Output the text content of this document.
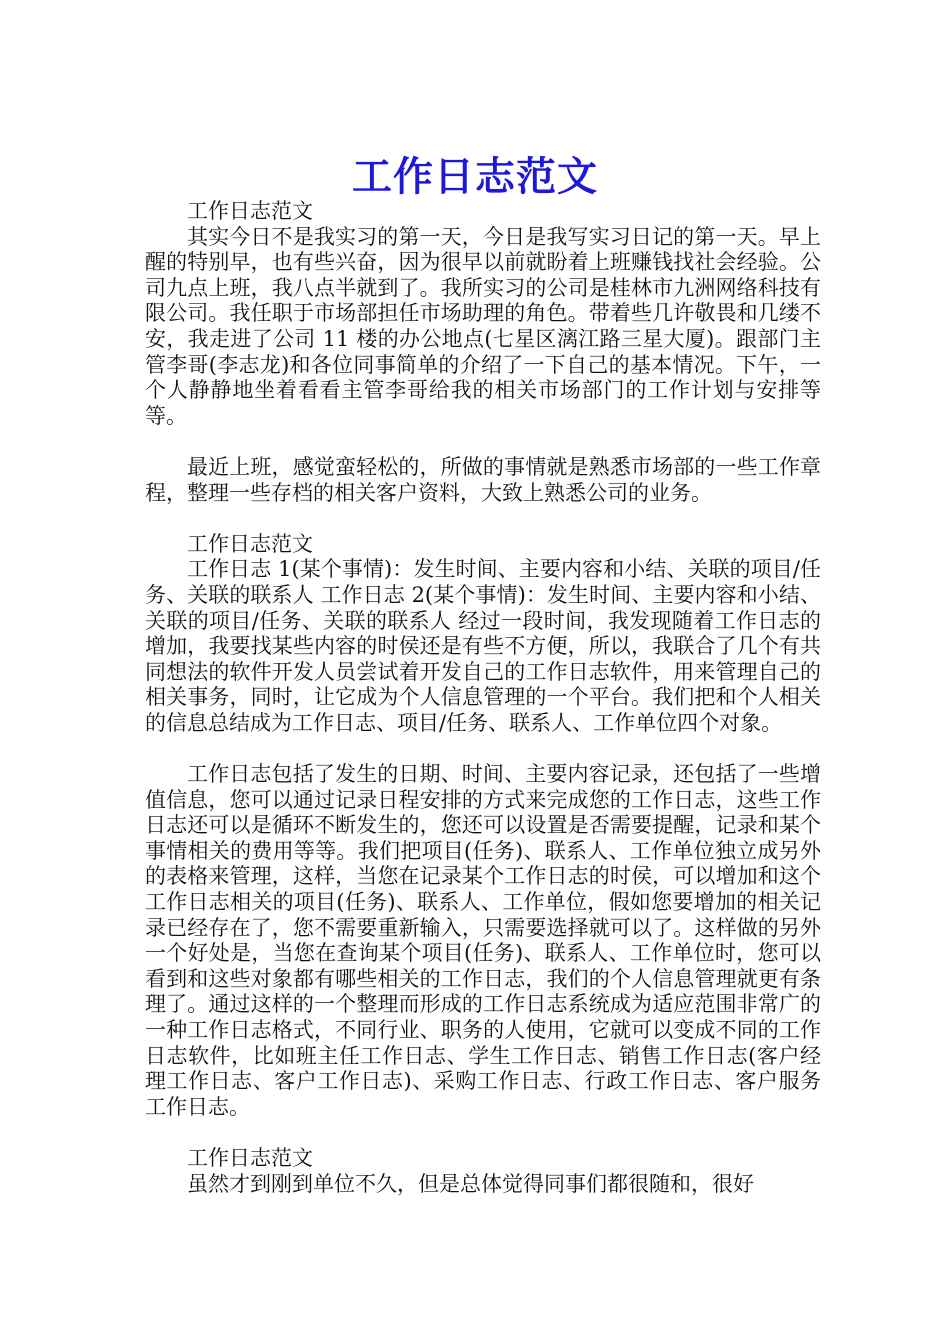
工作日志范文

工作日志范文

其实今日不是我实习的第一天，今日是我写实习日记的第一天。早上醒的特别早，也有些兴奋，因为很早以前就盼着上班赚钱找社会经验。公司九点上班，我八点半就到了。我所实习的公司是桂林市九洲网络科技有限公司。我任职于市场部担任市场助理的角色。带着些几许敬畏和几缕不安，我走进了公司 11 楼的办公地点(七星区漓江路三星大厦)。跟部门主管李哥(李志龙)和各位同事简单的介绍了一下自己的基本情况。下午，一个人静静地坐着看看主管李哥给我的相关市场部门的工作计划与安排等等。

最近上班，感觉蛮轻松的，所做的事情就是熟悉市场部的一些工作章程，整理一些存档的相关客户资料，大致上熟悉公司的业务。

工作日志范文

工作日志 1(某个事情)：发生时间、主要内容和小结、关联的项目/任务、关联的联系人 工作日志 2(某个事情)：发生时间、主要内容和小结、关联的项目/任务、关联的联系人 经过一段时间，我发现随着工作日志的增加，我要找某些内容的时侯还是有些不方便，所以，我联合了几个有共同想法的软件开发人员尝试着开发自己的工作日志软件，用来管理自己的相关事务，同时，让它成为个人信息管理的一个平台。我们把和个人相关的信息总结成为工作日志、项目/任务、联系人、工作单位四个对象。

工作日志包括了发生的日期、时间、主要内容记录，还包括了一些增值信息，您可以通过记录日程安排的方式来完成您的工作日志，这些工作日志还可以是循环不断发生的，您还可以设置是否需要提醒，记录和某个事情相关的费用等等。我们把项目(任务)、联系人、工作单位独立成另外的表格来管理，这样，当您在记录某个工作日志的时侯，可以增加和这个工作日志相关的项目(任务)、联系人、工作单位，假如您要增加的相关记录已经存在了，您不需要重新输入，只需要选择就可以了。这样做的另外一个好处是，当您在查询某个项目(任务)、联系人、工作单位时，您可以看到和这些对象都有哪些相关的工作日志，我们的个人信息管理就更有条理了。通过这样的一个整理而形成的工作日志系统成为适应范围非常广的一种工作日志格式，不同行业、职务的人使用，它就可以变成不同的工作日志软件，比如班主任工作日志、学生工作日志、销售工作日志(客户经理工作日志、客户工作日志)、采购工作日志、行政工作日志、客户服务工作日志。

工作日志范文

虽然才到刚到单位不久，但是总体觉得同事们都很随和，很好
